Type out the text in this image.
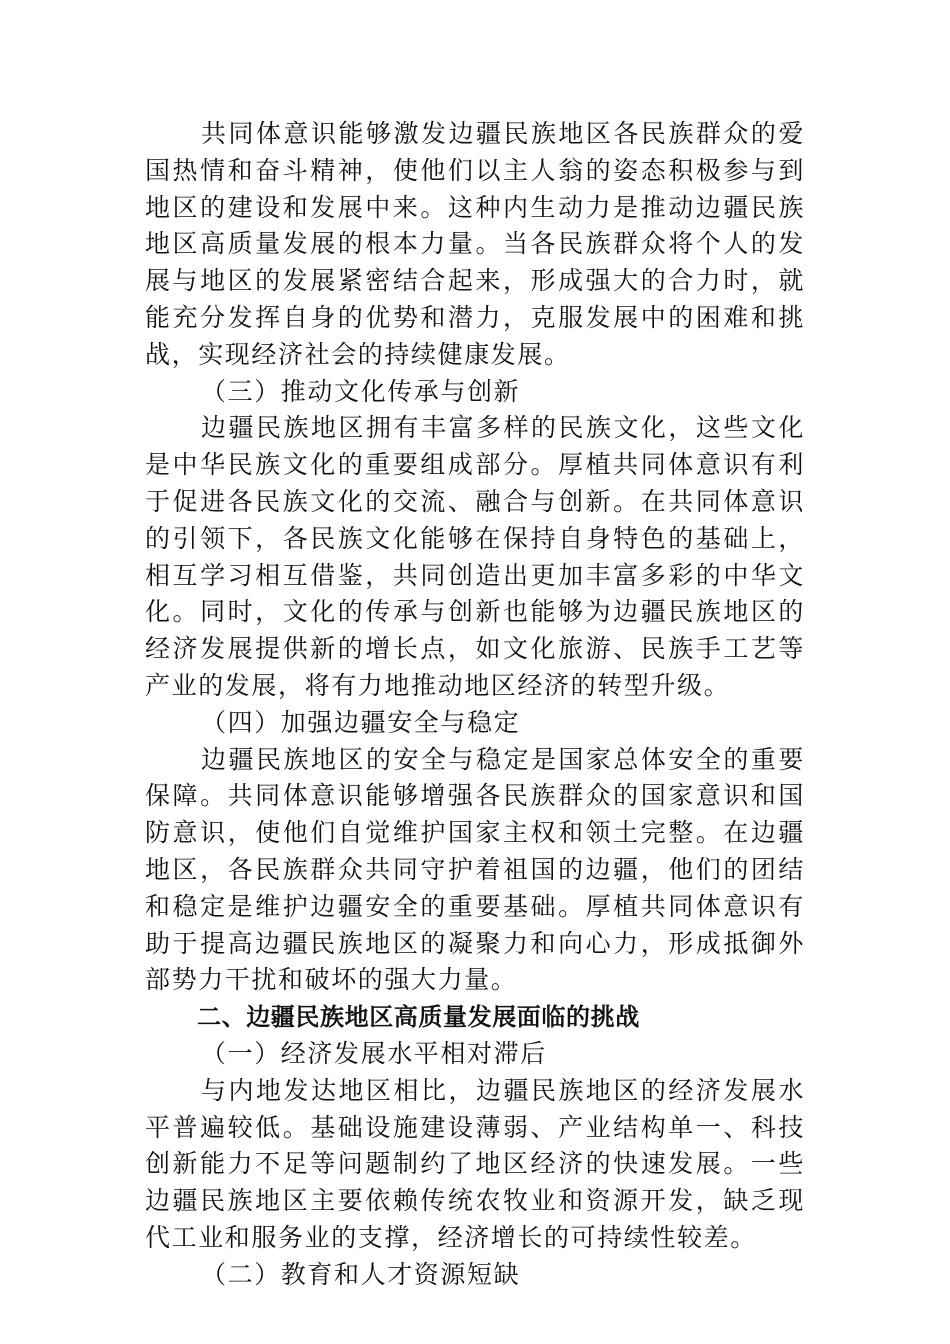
共同体意识能够激发边疆民族地区各民族群众的爱国热情和奋斗精神，使他们以主人翁的姿态积极参与到地区的建设和发展中来。这种内生动力是推动边疆民族地区高质量发展的根本力量。当各民族群众将个人的发展与地区的发展紧密结合起来，形成强大的合力时，就能充分发挥自身的优势和潜力，克服发展中的困难和挑战，实现经济社会的持续健康发展。

（三）推动文化传承与创新

边疆民族地区拥有丰富多样的民族文化，这些文化是中华民族文化的重要组成部分。厚植共同体意识有利于促进各民族文化的交流、融合与创新。在共同体意识的引领下，各民族文化能够在保持自身特色的基础上，相互学习相互借鉴，共同创造出更加丰富多彩的中华文化。同时，文化的传承与创新也能够为边疆民族地区的经济发展提供新的增长点，如文化旅游、民族手工艺等产业的发展，将有力地推动地区经济的转型升级。

（四）加强边疆安全与稳定

边疆民族地区的安全与稳定是国家总体安全的重要保障。共同体意识能够增强各民族群众的国家意识和国防意识，使他们自觉维护国家主权和领土完整。在边疆地区，各民族群众共同守护着祖国的边疆，他们的团结和稳定是维护边疆安全的重要基础。厚植共同体意识有助于提高边疆民族地区的凝聚力和向心力，形成抵御外部势力干扰和破坏的强大力量。

二、边疆民族地区高质量发展面临的挑战

（一）经济发展水平相对滞后

与内地发达地区相比，边疆民族地区的经济发展水平普遍较低。基础设施建设薄弱、产业结构单一、科技创新能力不足等问题制约了地区经济的快速发展。一些边疆民族地区主要依赖传统农牧业和资源开发，缺乏现代工业和服务业的支撑，经济增长的可持续性较差。

（二）教育和人才资源短缺
